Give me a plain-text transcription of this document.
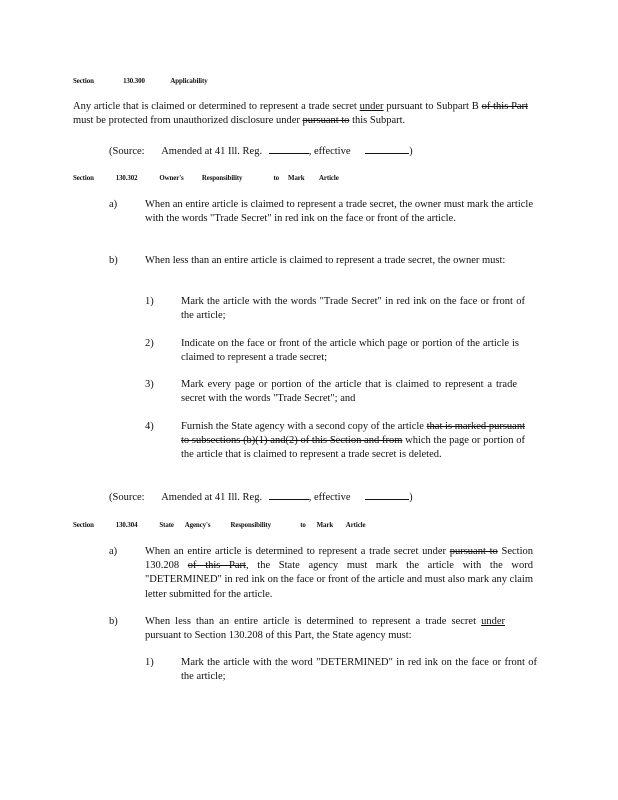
Section	130.300	Applicability
Any article that is claimed or determined to represent a trade secret under pursuant to Subpart B of this Part must be protected from unauthorized disclosure under pursuant to this Subpart.
(Source: Amended at 41 Ill. Reg.	, effective	)
Section	130.302	Owner's Responsibility	to Mark Article
a)	When an entire article is claimed to represent a trade secret, the owner must mark the article with the words "Trade Secret" in red ink on the face or front of the article.
b)	When less than an entire article is claimed to represent a trade secret, the owner must:
1)	Mark the article with the words "Trade Secret" in red ink on the face or front of the article;
2)	Indicate on the face or front of the article which page or portion of the article is claimed to represent a trade secret;
3)	Mark every page or portion of the article that is claimed to represent a trade secret with the words "Trade Secret"; and
4)	Furnish the State agency with a second copy of the article that is marked pursuant to subsections (b)(1) and(2) of this Section and from which the page or portion of the article that is claimed to represent a trade secret is deleted.
(Source: Amended at 41 Ill. Reg.	, effective	)
Section	130.304	State Agency's	Responsibility	to Mark Article
a)	When an entire article is determined to represent a trade secret under pursuant to Section 130.208 of this Part, the State agency must mark the article with the word "DETERMINED" in red ink on the face or front of the article and must also mark any claim letter submitted for the article.
b)	When less than an entire article is determined to represent a trade secret under pursuant to Section 130.208 of this Part, the State agency must:
1)	Mark the article with the word "DETERMINED" in red ink on the face or front of the article;
